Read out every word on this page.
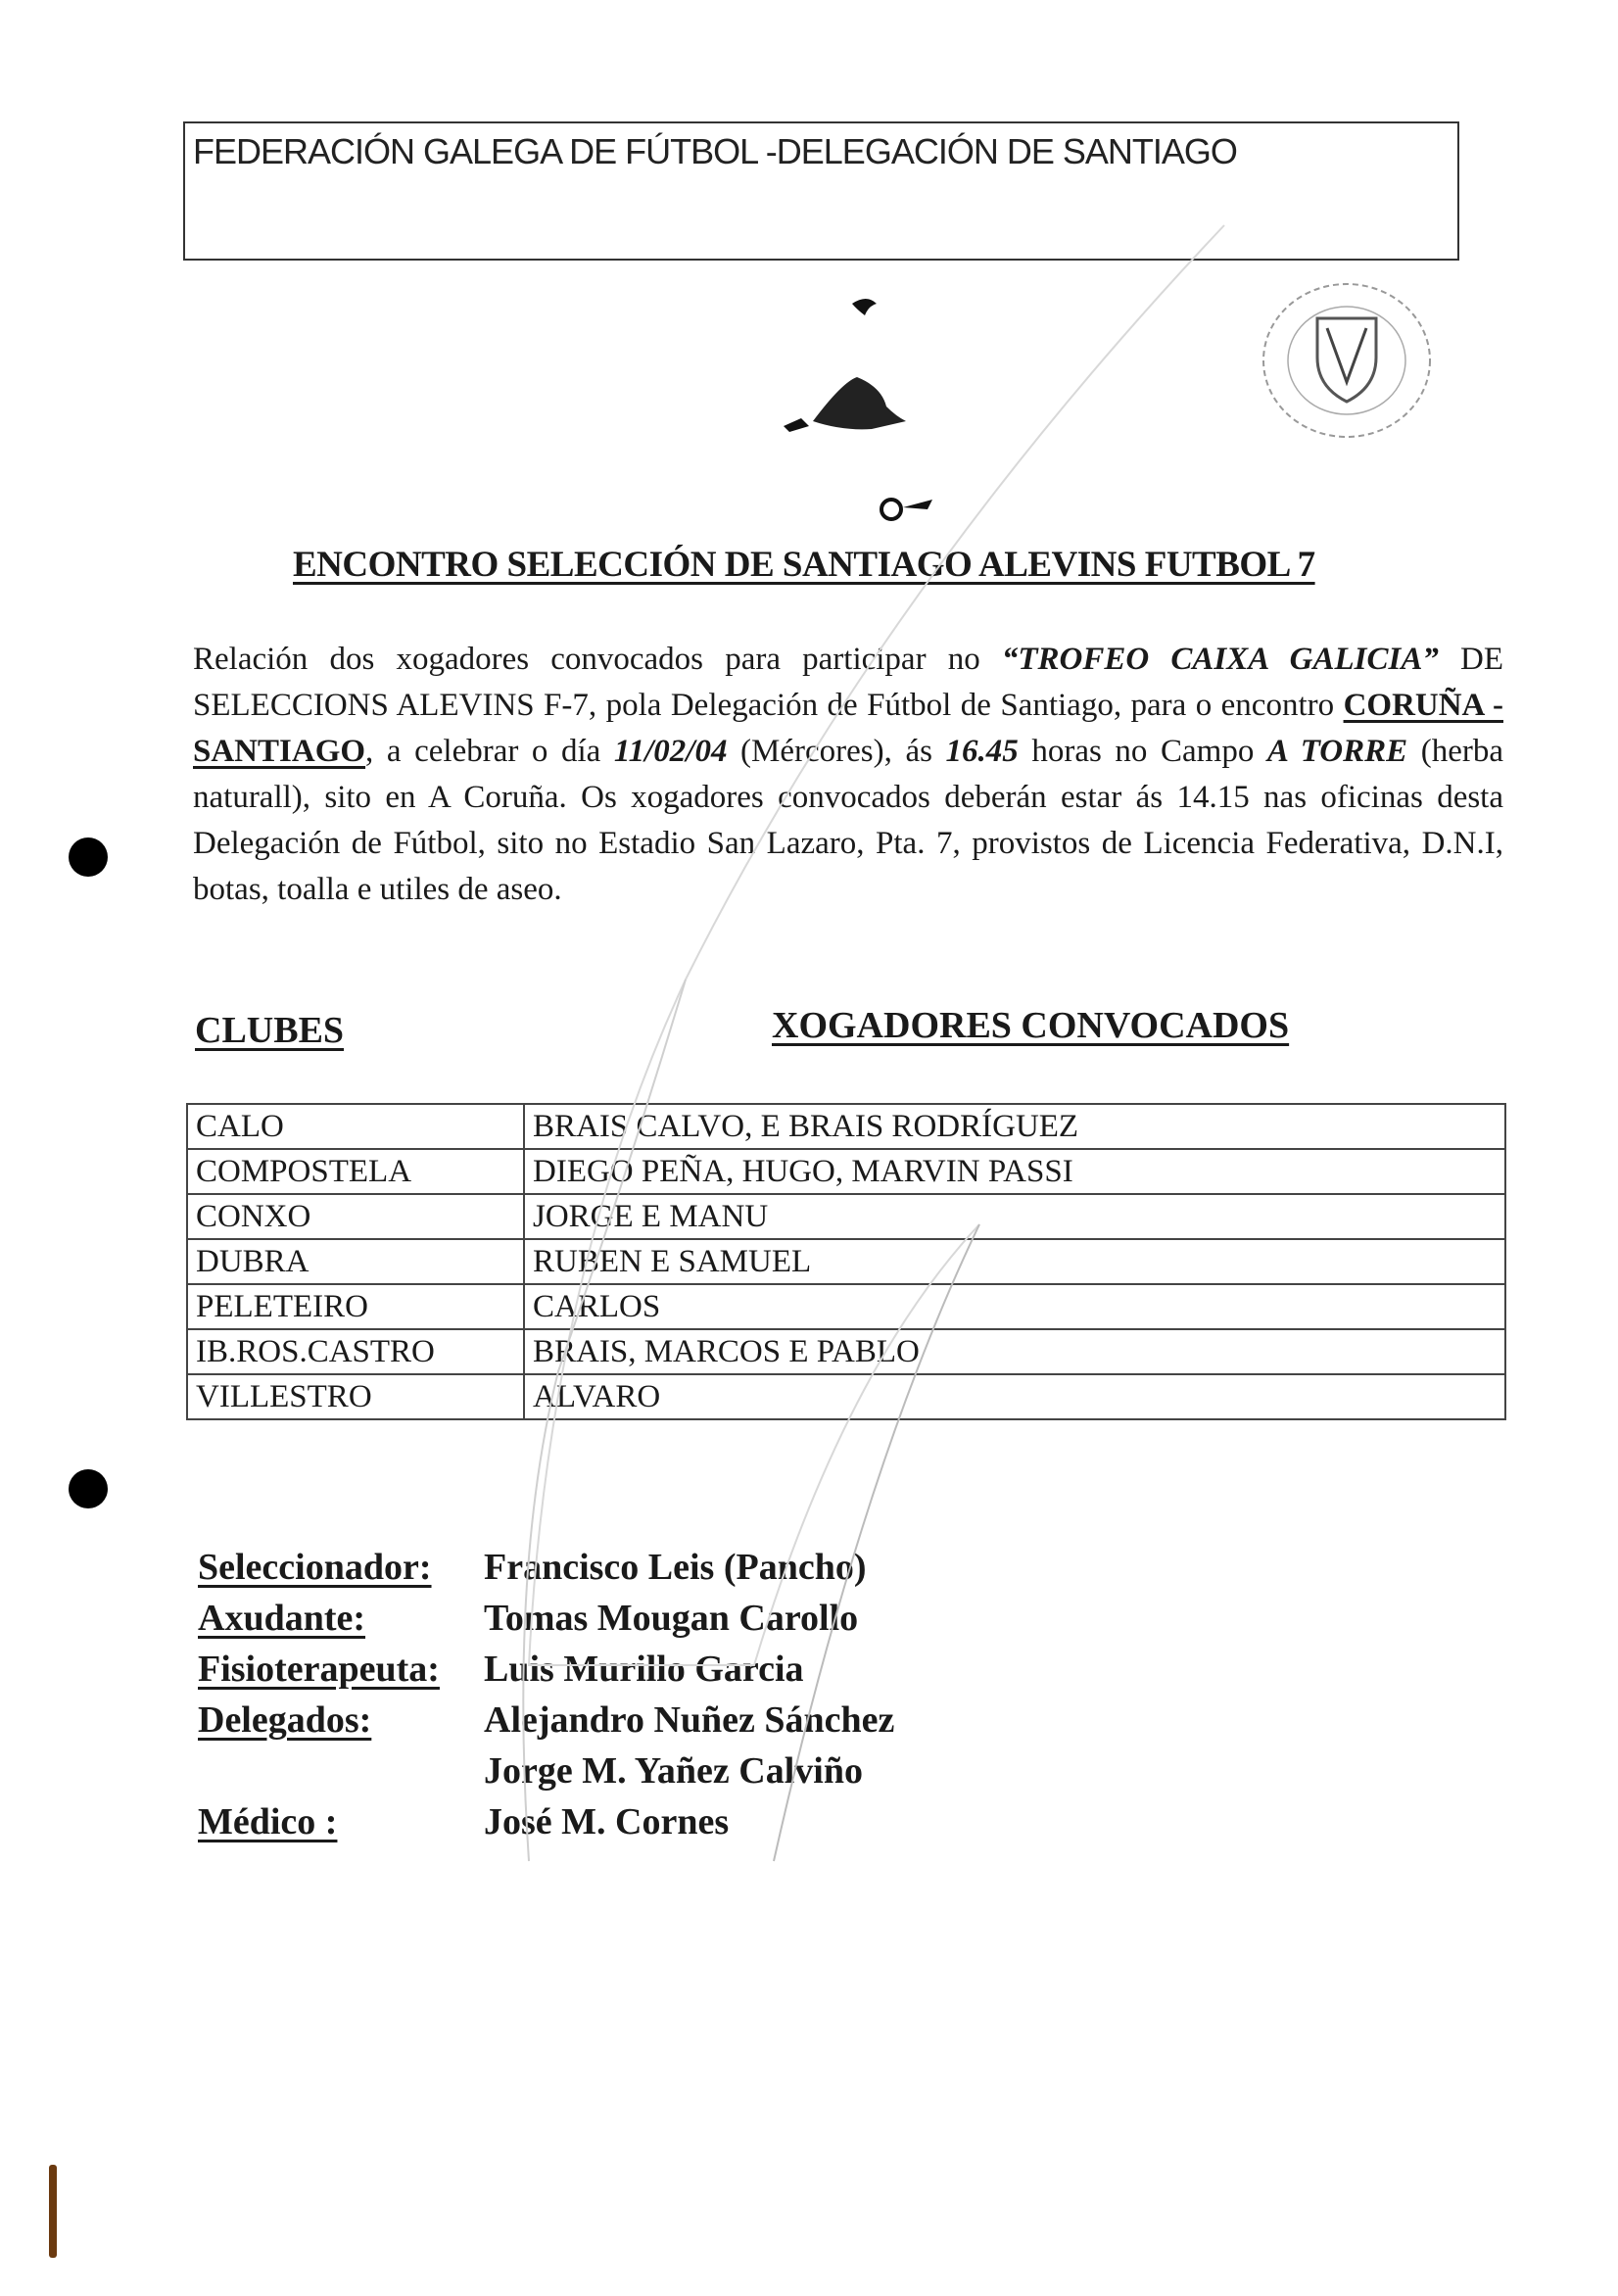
FEDERACIÓN GALEGA DE FÚTBOL -DELEGACIÓN DE SANTIAGO
ENCONTRO SELECCIÓN DE SANTIAGO ALEVINS FUTBOL 7
Relación dos xogadores convocados para participar no “TROFEO CAIXA GALICIA” DE SELECCIONS ALEVINS F-7, pola Delegación de Fútbol de Santiago, para o encontro CORUÑA - SANTIAGO, a celebrar o día 11/02/04 (Mércores), ás 16.45 horas no Campo A TORRE (herba naturall), sito en A Coruña. Os xogadores convocados deberán estar ás 14.15 nas oficinas desta Delegación de Fútbol, sito no Estadio San Lazaro, Pta. 7, provistos de Licencia Federativa, D.N.I, botas, toalla e utiles de aseo.
CLUBES	XOGADORES CONVOCADOS
CALO	BRAIS CALVO, E BRAIS RODRÍGUEZ
COMPOSTELA	DIEGO PEÑA, HUGO, MARVIN PASSI
CONXO	JORGE E MANU
DUBRA	RUBEN E SAMUEL
PELETEIRO	CARLOS
IB.ROS.CASTRO	BRAIS, MARCOS E PABLO
VILLESTRO	ALVARO
Seleccionador: Francisco Leis (Pancho)
Axudante:	Tomas Mougan Carollo
Fisioterapeuta: Luis Murillo Garcia
Delegados:	Alejandro Nuñez Sánchez
Jorge M. Yañez Calviño
Médico :	José M. Cornes
